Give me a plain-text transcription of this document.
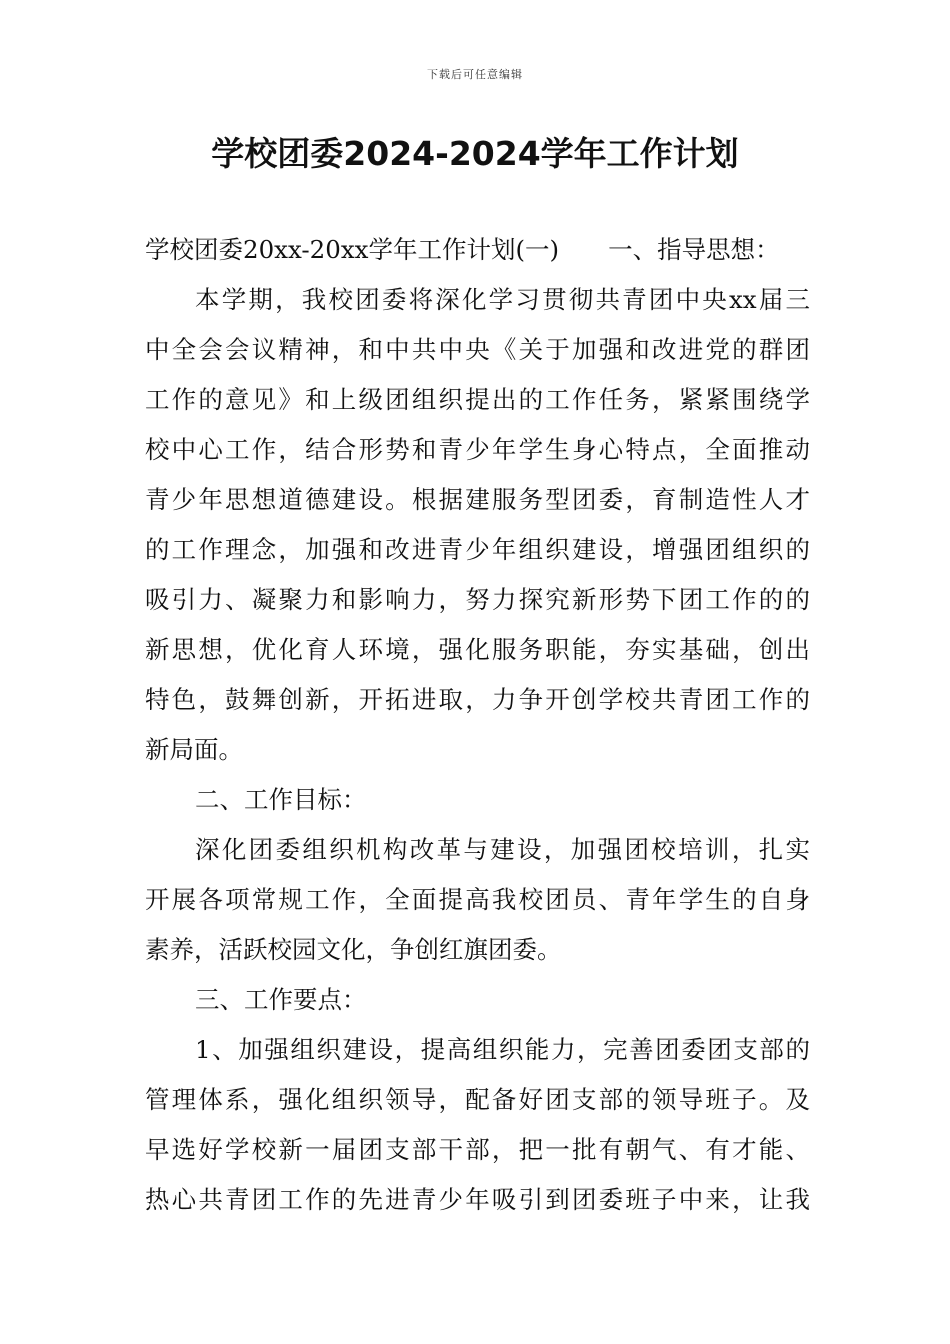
下载后可任意编辑
学校团委2024-2024学年工作计划
学校团委20xx-20xx学年工作计划(一)　　一、指导思想：
本学期，我校团委将深化学习贯彻共青团中央xx届三
中全会会议精神，和中共中央《关于加强和改进党的群团
工作的意见》和上级团组织提出的工作任务，紧紧围绕学
校中心工作，结合形势和青少年学生身心特点，全面推动
青少年思想道德建设。根据建服务型团委，育制造性人才
的工作理念，加强和改进青少年组织建设，增强团组织的
吸引力、凝聚力和影响力，努力探究新形势下团工作的的
新思想，优化育人环境，强化服务职能，夯实基础，创出
特色，鼓舞创新，开拓进取，力争开创学校共青团工作的
新局面。
二、工作目标：
深化团委组织机构改革与建设，加强团校培训，扎实
开展各项常规工作，全面提高我校团员、青年学生的自身
素养，活跃校园文化，争创红旗团委。
三、工作要点：
1、加强组织建设，提高组织能力，完善团委团支部的
管理体系，强化组织领导，配备好团支部的领导班子。及
早选好学校新一届团支部干部，把一批有朝气、有才能、
热心共青团工作的先进青少年吸引到团委班子中来，让我
